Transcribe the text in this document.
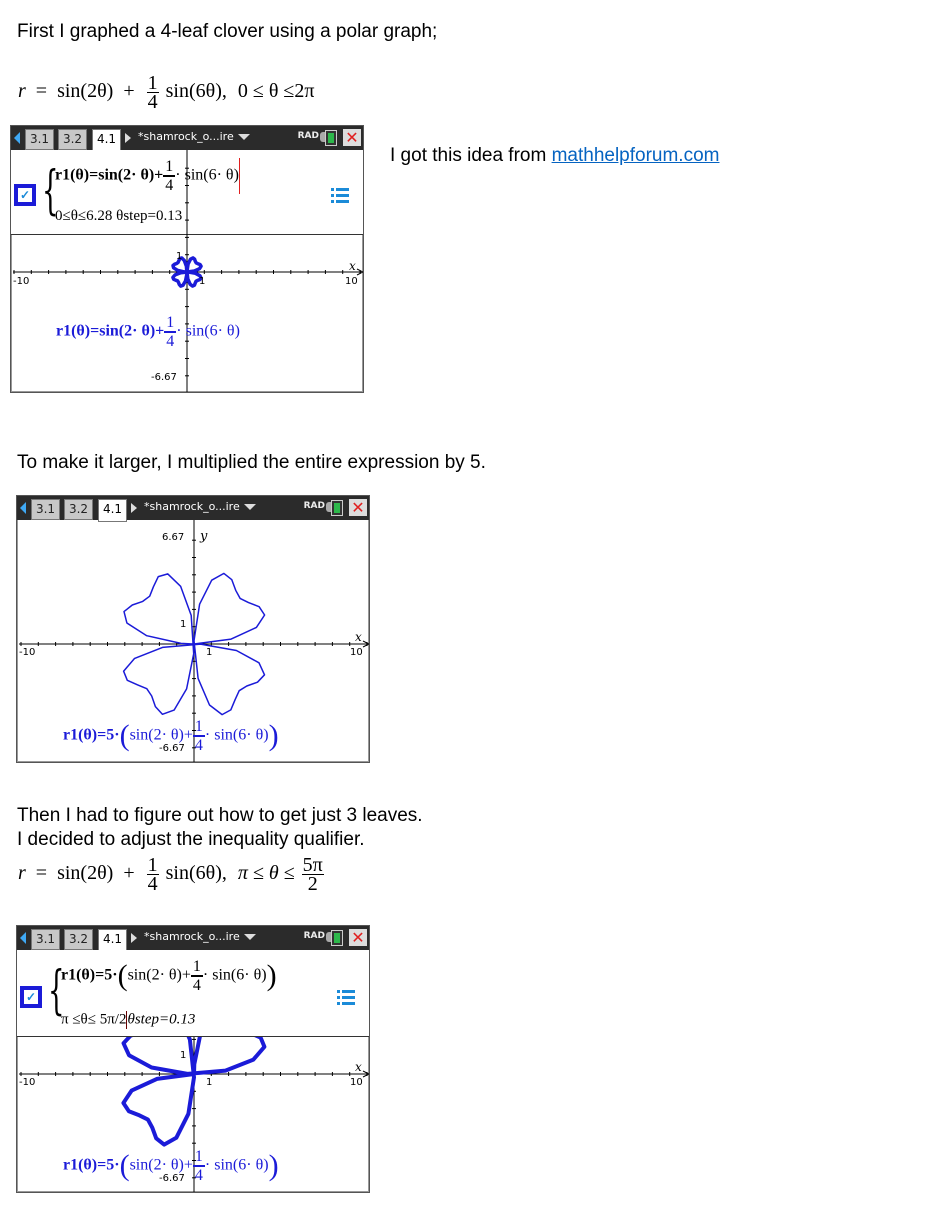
First I graphed a 4-leaf clover using a polar graph;
$r = \sin(2\theta) + \frac{1}{4} \sin(6\theta)$, 0 ≤ θ ≤2π
I got this idea from mathhelpforum.com
To make it larger, I multiplied the entire expression by 5.
Then I had to figure out how to get just 3 leaves.
I decided to adjust the inequality qualifier.
$r = \sin(2\theta) + \frac{1}{4} \sin(6\theta)$, $\pi \le \theta \le \frac{5\pi}{2}$
3.1	3.2	4.1	*shamrock_o...ire	RAD ✕
✓ {
$r1(\theta)=\sin(2\cdot \theta)+ \frac{1}{4}\cdot \sin(6\cdot \theta)$
0≤θ≤6.28 θstep=0.13
-10	10
1
1
-6.67
x
$r1(\theta)=\sin(2\cdot \theta)+ \frac{1}{4}\cdot \sin(6\cdot \theta)$
3.1	3.2	4.1	*shamrock_o...ire	RAD ✕
6.67 y
-10	10
1
1
x
$r1(\theta)=5\cdot(\sin(2\cdot \theta)+ \frac{1}{4}\cdot \sin(6\cdot \theta))$
-6.67
3.1	3.2	4.1	*shamrock_o...ire	RAD ✕
✓ {
$r1(\theta)=5\cdot(\sin(2\cdot \theta)+ \frac{1}{4}\cdot \sin(6\cdot \theta))$
π ≤θ≤ 5π/2θstep=0.13
-10	10
1
1
x
$r1(\theta)=5\cdot(\sin(2\cdot \theta)+ \frac{1}{4}\cdot \sin(6\cdot \theta))$
-6.67
